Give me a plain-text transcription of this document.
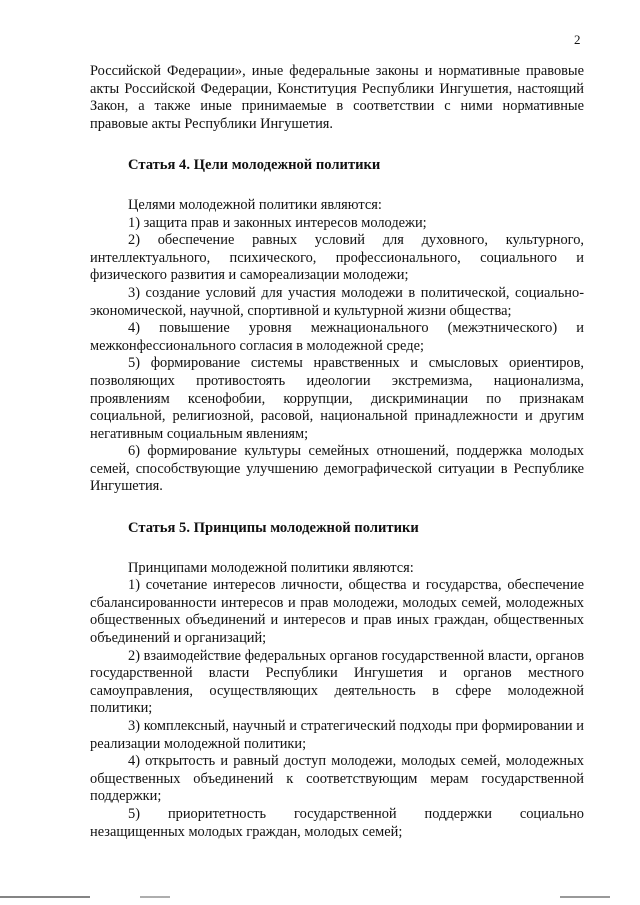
2

Российской Федерации», иные федеральные законы и нормативные правовые акты Российской Федерации, Конституция Республики Ингушетия, настоящий Закон, а также иные принимаемые в соответствии с ними нормативные правовые акты Республики Ингушетия.

Статья 4. Цели молодежной политики

Целями молодежной политики являются:

1) защита прав и законных интересов молодежи;

2) обеспечение равных условий для духовного, культурного, интеллектуального, психического, профессионального, социального и физического развития и самореализации молодежи;

3) создание условий для участия молодежи в политической, социально-экономической, научной, спортивной и культурной жизни общества;

4) повышение уровня межнационального (межэтнического) и межконфессионального согласия в молодежной среде;

5) формирование системы нравственных и смысловых ориентиров, позволяющих противостоять идеологии экстремизма, национализма, проявлениям ксенофобии, коррупции, дискриминации по признакам социальной, религиозной, расовой, национальной принадлежности и другим негативным социальным явлениям;

6) формирование культуры семейных отношений, поддержка молодых семей, способствующие улучшению демографической ситуации в Республике Ингушетия.

Статья 5. Принципы молодежной политики

Принципами молодежной политики являются:

1) сочетание интересов личности, общества и государства, обеспечение сбалансированности интересов и прав молодежи, молодых семей, молодежных общественных объединений и интересов и прав иных граждан, общественных объединений и организаций;

2) взаимодействие федеральных органов государственной власти, органов государственной власти Республики Ингушетия и органов местного самоуправления, осуществляющих деятельность в сфере молодежной политики;

3) комплексный, научный и стратегический подходы при формировании и реализации молодежной политики;

4) открытость и равный доступ молодежи, молодых семей, молодежных общественных объединений к соответствующим мерам государственной поддержки;

5) приоритетность государственной поддержки социально незащищенных молодых граждан, молодых семей;
